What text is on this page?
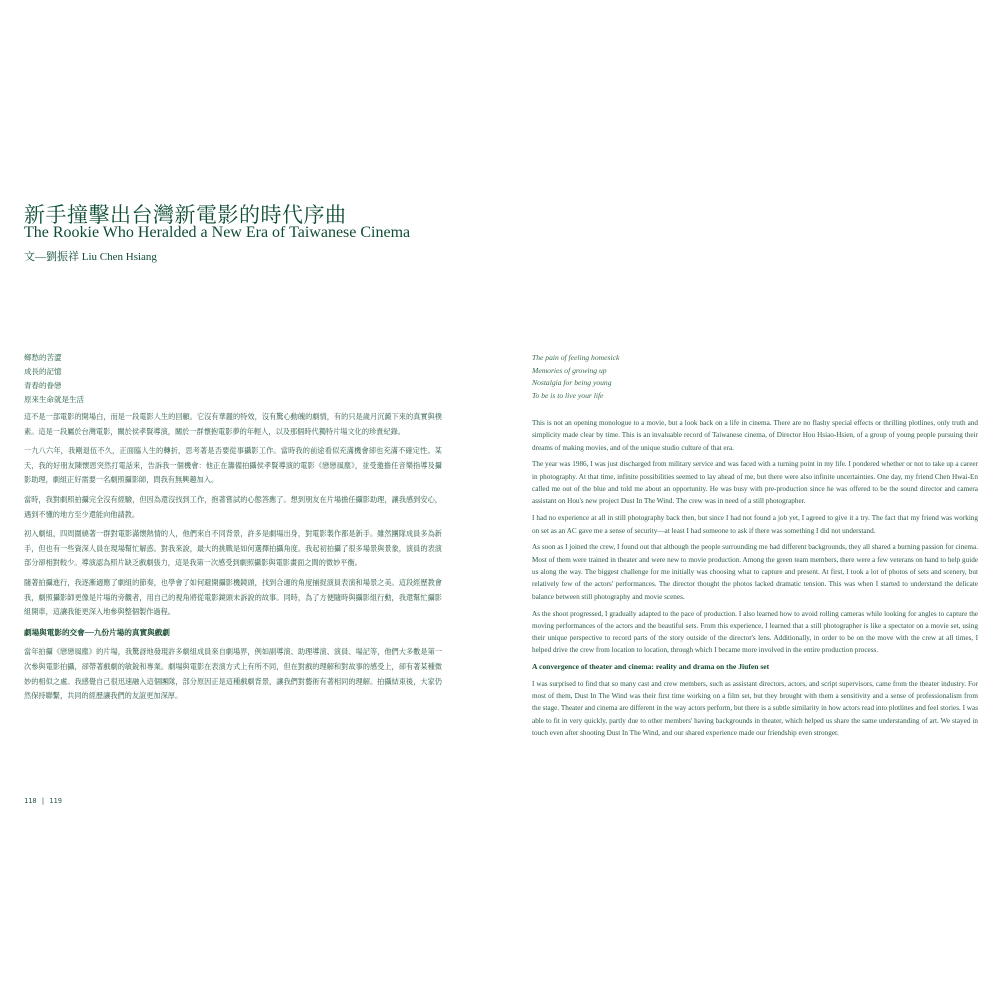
新手撞擊出台灣新電影的時代序曲
The Rookie Who Heralded a New Era of Taiwanese Cinema
文—劉振祥 Liu Chen Hsiang
鄉愁的苦澀
成長的記憶
青春的眷戀
原來生命就是生活

這不是一部電影的開場白，而是一段電影人生的回顧。它沒有華麗的特效，沒有驚心動魄的劇情，有的只是歲月沉澱下來的真實與樸素。這是一段屬於台灣電影，關於侯孝賢導演，關於一群懷抱電影夢的年輕人，以及那個時代獨特片場文化的珍貴紀錄。

一九八六年，我剛退伍不久，正面臨人生的轉折，思考著是否要從事攝影工作。當時我的前途看似充滿機會卻也充滿不確定性。某天，我的好朋友陳懷恩突然打電話來，告訴我一個機會：他正在籌備拍攝侯孝賢導演的電影《戀戀風塵》，並受邀擔任音樂指導及攝影助理，劇組正好需要一名劇照攝影師，問我有無興趣加入。

當時，我對劇照拍攝完全沒有經驗，但因為還沒找到工作，抱著嘗試的心態答應了。想到朋友在片場擔任攝影助理，讓我感到安心，遇到不懂的地方至少還能向他請教。

初入劇組，四周圍繞著一群對電影滿懷熱情的人，他們來自不同背景，許多是劇場出身，對電影製作都是新手。雖然團隊成員多為新手，但也有一些資深人員在現場幫忙解惑。對我來說，最大的挑戰是如何選擇拍攝角度。我起初拍攝了很多場景與景象，演員的表演部分卻相對較少。導演認為照片缺乏戲劇張力，這是我第一次感受到劇照攝影與電影畫面之間的微妙平衡。

隨著拍攝進行，我逐漸適應了劇組的節奏，也學會了如何避開攝影機鏡頭，找到合適的角度捕捉演員表演和場景之美。這段經歷教會我，劇照攝影師更像是片場的旁觀者，用自己的視角將從電影鏡頭未訴說的故事。同時，為了方便隨時與攝影組行動，我還幫忙攝影組開車，這讓我能更深入地參與整個製作過程。

劇場與電影的交會──九份片場的真實與戲劇

當年拍攝《戀戀風塵》的片場，我驚訝地發現許多劇組成員來自劇場界，例如副導演、助理導演、演員、場記等，他們大多數是第一次參與電影拍攝，卻帶著戲劇的敏銳和專業。劇場與電影在表演方式上有所不同，但在對戲的理解和對故事的感受上，卻有著某種微妙的相似之處。我感覺自己很迅速融入這個團隊，部分原因正是這種戲劇背景，讓我們對藝術有著相同的理解。拍攝結束後，大家仍然保持聯繫，共同的經歷讓我們的友誼更加深厚。

118 | 119
The pain of feeling homesick
Memories of growing up
Nostalgia for being young
To be is to live your life

This is not an opening monologue to a movie, but a look back on a life in cinema. There are no flashy special effects or thrilling plotlines, only truth and simplicity made clear by time. This is an invaluable record of Taiwanese cinema, of Director Hou Hsiao-Hsien, of a group of young people pursuing their dreams of making movies, and of the unique studio culture of that era.

The year was 1986, I was just discharged from military service and was faced with a turning point in my life. I pondered whether or not to take up a career in photography. At that time, infinite possibilities seemed to lay ahead of me, but there were also infinite uncertainties. One day, my friend Chen Hwai-En called me out of the blue and told me about an opportunity. He was busy with pre-production since he was offered to be the sound director and camera assistant on Hou's new project Dust In The Wind. The crew was in need of a still photographer.

I had no experience at all in still photography back then, but since I had not found a job yet, I agreed to give it a try. The fact that my friend was working on set as an AC gave me a sense of security—at least I had someone to ask if there was something I did not understand.

As soon as I joined the crew, I found out that although the people surrounding me had different backgrounds, they all shared a burning passion for cinema. Most of them were trained in theater and were new to movie production. Among the green team members, there were a few veterans on hand to help guide us along the way. The biggest challenge for me initially was choosing what to capture and present. At first, I took a lot of photos of sets and scenery, but relatively few of the actors' performances. The director thought the photos lacked dramatic tension. This was when I started to understand the delicate balance between still photography and movie scenes.

As the shoot progressed, I gradually adapted to the pace of production. I also learned how to avoid rolling cameras while looking for angles to capture the moving performances of the actors and the beautiful sets. From this experience, I learned that a still photographer is like a spectator on a movie set, using their unique perspective to record parts of the story outside of the director's lens. Additionally, in order to be on the move with the crew at all times, I helped drive the crew from location to location, through which I became more involved in the entire production process.

A convergence of theater and cinema: reality and drama on the Jiufen set

I was surprised to find that so many cast and crew members, such as assistant directors, actors, and script supervisors, came from the theater industry. For most of them, Dust In The Wind was their first time working on a film set, but they brought with them a sensitivity and a sense of professionalism from the stage. Theater and cinema are different in the way actors perform, but there is a subtle similarity in how actors read into plotlines and feel stories. I was able to fit in very quickly, partly due to other members' having backgrounds in theater, which helped us share the same understanding of art. We stayed in touch even after shooting Dust In The Wind, and our shared experience made our friendship even stronger.
